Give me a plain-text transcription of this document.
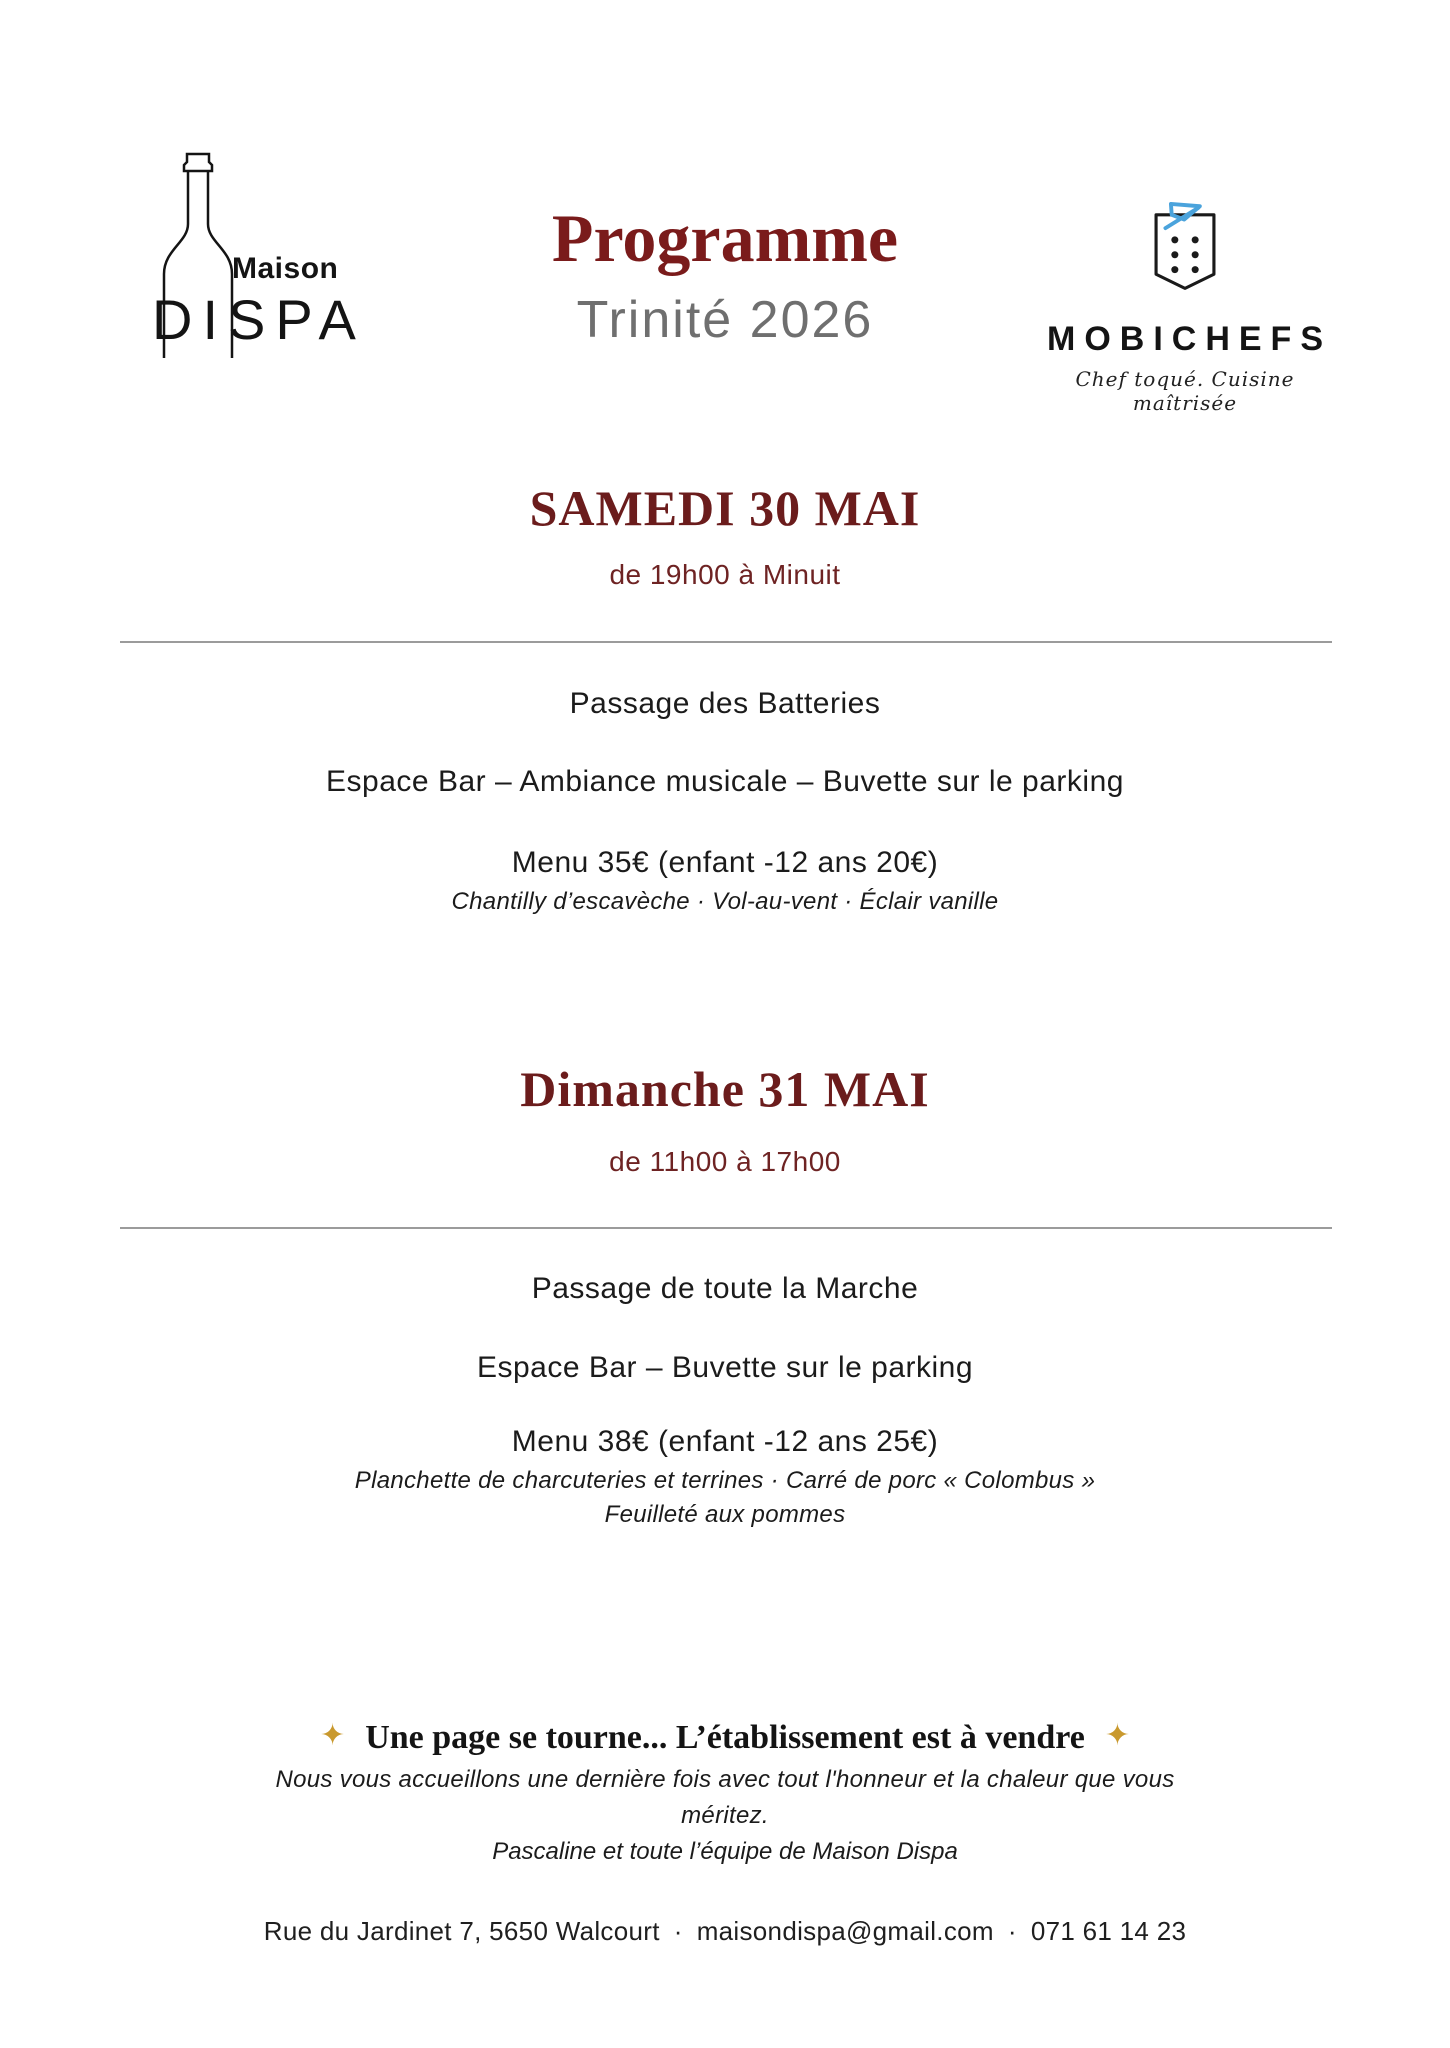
Maison
DISPA
Programme
Trinité 2026	MOBICHEFS
Chef toqué. Cuisine maîtrisée
SAMEDI 30 MAI
de 19h00 à Minuit
Passage des Batteries
Espace Bar – Ambiance musicale – Buvette sur le parking
Menu 35€ (enfant -12 ans 20€)
Chantilly d’escavèche · Vol-au-vent · Éclair vanille
Dimanche 31 MAI
de 11h00 à 17h00
Passage de toute la Marche
Espace Bar – Buvette sur le parking
Menu 38€ (enfant -12 ans 25€)
Planchette de charcuteries et terrines · Carré de porc « Colombus »
Feuilleté aux pommes
✦ Une page se tourne... L’établissement est à vendre ✦
Nous vous accueillons une dernière fois avec tout l'honneur et la chaleur que vous
méritez.
Pascaline et toute l’équipe de Maison Dispa
Rue du Jardinet 7, 5650 Walcourt · maisondispa@gmail.com · 071 61 14 23
